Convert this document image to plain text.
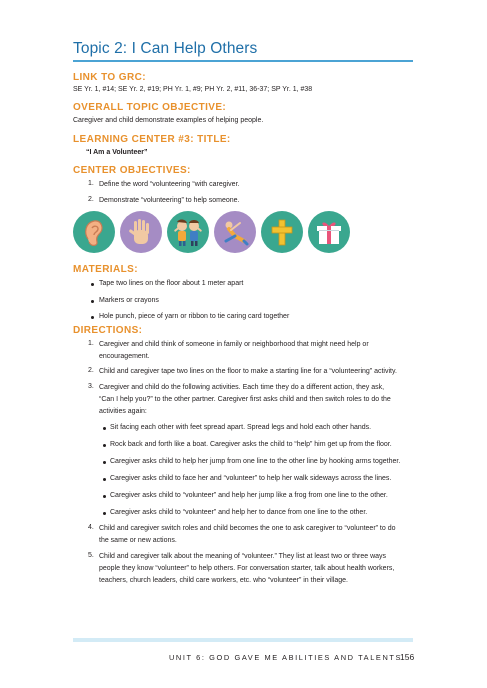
Topic 2: I Can Help Others
LINK TO GRC:
SE Yr. 1, #14; SE Yr. 2, #19; PH Yr. 1, #9; PH Yr. 2, #11, 36-37; SP Yr. 1, #38
OVERALL TOPIC OBJECTIVE:
Caregiver and child demonstrate examples of helping people.
LEARNING CENTER #3: TITLE:
“I Am a Volunteer”
CENTER OBJECTIVES:
1. Define the word “volunteering “with caregiver.
2. Demonstrate “volunteering” to help someone.
MATERIALS:
Tape two lines on the floor about 1 meter apart
Markers or crayons
Hole punch, piece of yarn or ribbon to tie caring card together
DIRECTIONS:
1. Caregiver and child think of someone in family or neighborhood that might need help or
encouragement.
2. Child and caregiver tape two lines on the floor to make a starting line for a “volunteering” activity.
3. Caregiver and child do the following activities. Each time they do a different action, they ask,
“Can I help you?” to the other partner. Caregiver first asks child and then switch roles to do the
activities again:
Sit facing each other with feet spread apart. Spread legs and hold each other hands.
Rock back and forth like a boat. Caregiver asks the child to “help” him get up from the floor.
Caregiver asks child to help her jump from one line to the other line by hooking arms together.
Caregiver asks child to face her and “volunteer” to help her walk sideways across the lines.
Caregiver asks child to “volunteer” and help her jump like a frog from one line to the other.
Caregiver asks child to “volunteer” and help her to dance from one line to the other.
4. Child and caregiver switch roles and child becomes the one to ask caregiver to “volunteer” to do
the same or new actions.
5. Child and caregiver talk about the meaning of “volunteer.” They list at least two or three ways
people they know “volunteer” to help others. For conversation starter, talk about health workers,
teachers, church leaders, child care workers, etc. who “volunteer” in their village.
UNIT 6: GOD GAVE ME ABILITIES AND TALENTS
156
